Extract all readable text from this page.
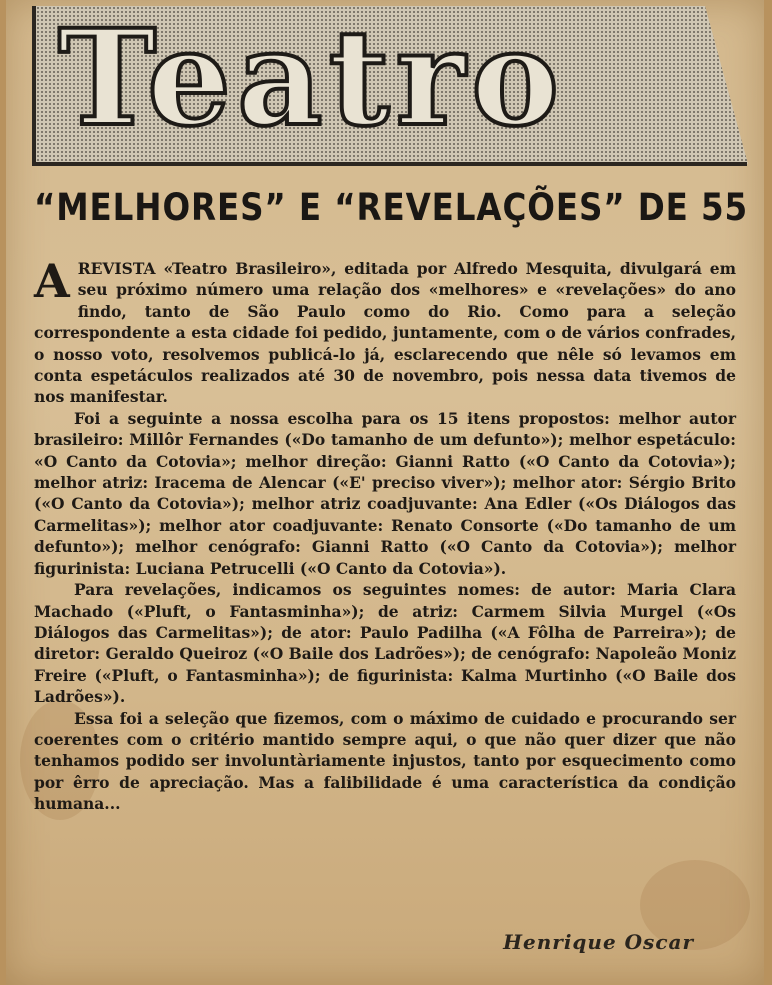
Teatro
“MELHORES” E “REVELAÇÕES” DE 55

AREVISTA «Teatro Brasileiro», editada por Alfredo Mesquita, divulgará em seu próximo número uma relação dos «melhores» e «revelações» do ano findo, tanto de São Paulo como do Rio. Como para a seleção correspondente a esta cidade foi pedido, juntamente, com o de vários confrades, o nosso voto, resolvemos publicá-lo já, esclarecendo que nêle só levamos em conta espetáculos realizados até 30 de novembro, pois nessa data tivemos de nos manifestar.

Foi a seguinte a nossa escolha para os 15 itens propostos: melhor autor brasileiro: Millôr Fernandes («Do tamanho de um defunto»); melhor espetáculo: «O Canto da Cotovia»; melhor direção: Gianni Ratto («O Canto da Cotovia»); melhor atriz: Iracema de Alencar («E' preciso viver»); melhor ator: Sérgio Brito («O Canto da Cotovia»); melhor atriz coadjuvante: Ana Edler («Os Diálogos das Carmelitas»); melhor ator coadjuvante: Renato Consorte («Do tamanho de um defunto»); melhor cenógrafo: Gianni Ratto («O Canto da Cotovia»); melhor figurinista: Luciana Petrucelli («O Canto da Cotovia»).

Para revelações, indicamos os seguintes nomes: de autor: Maria Clara Machado («Pluft, o Fantasminha»); de atriz: Carmem Silvia Murgel («Os Diálogos das Carmelitas»); de ator: Paulo Padilha («A Fôlha de Parreira»); de diretor: Geraldo Queiroz («O Baile dos Ladrões»); de cenógrafo: Napoleão Moniz Freire («Pluft, o Fantasminha»); de figurinista: Kalma Murtinho («O Baile dos Ladrões»).

Essa foi a seleção que fizemos, com o máximo de cuidado e procurando ser coerentes com o critério mantido sempre aqui, o que não quer dizer que não tenhamos podido ser involuntàriamente injustos, tanto por esquecimento como por êrro de apreciação. Mas a falibilidade é uma característica da condição humana...

Henrique Oscar
